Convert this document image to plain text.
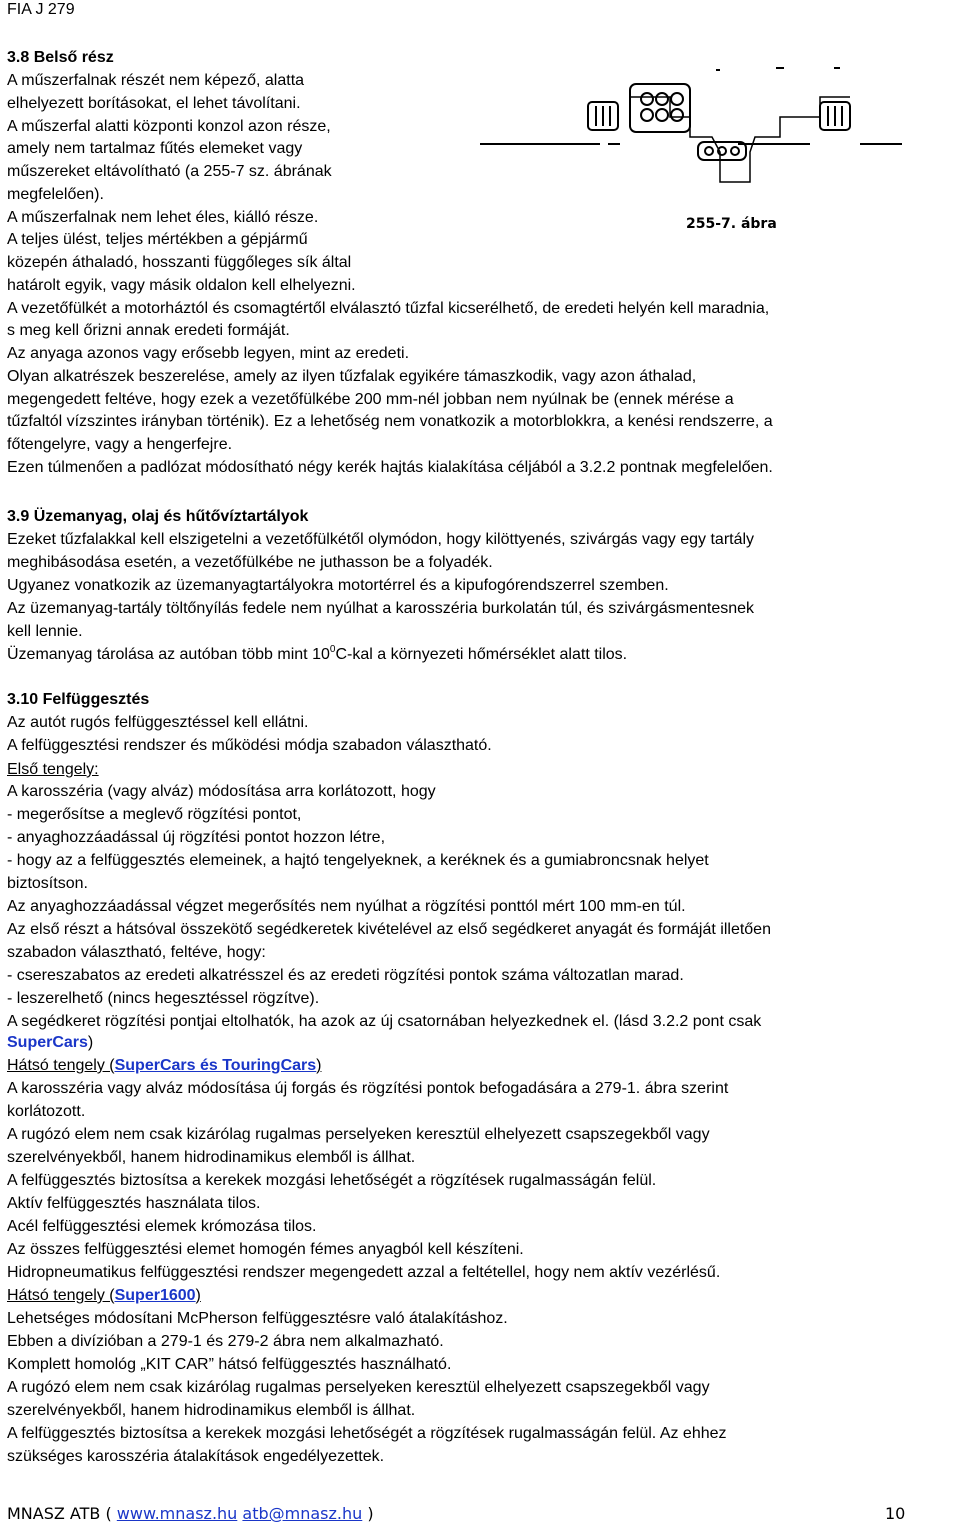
FIA J 279
3.8 Belső rész
A műszerfalnak részét nem képező, alatta
elhelyezett borításokat, el lehet távolítani.
A műszerfal alatti központi konzol azon része,
amely nem tartalmaz fűtés elemeket vagy
műszereket eltávolítható (a 255-7 sz. ábrának
megfelelően).
A műszerfalnak nem lehet éles, kiálló része.
A teljes ülést, teljes mértékben a gépjármű
közepén áthaladó, hosszanti függőleges sík által
határolt egyik, vagy másik oldalon kell elhelyezni.
A vezetőfülkét a motorháztól és csomagtértől elválasztó tűzfal kicserélhető, de eredeti helyén kell maradnia,
s meg kell őrizni annak eredeti formáját.
Az anyaga azonos vagy erősebb legyen, mint az eredeti.
Olyan alkatrészek beszerelése, amely az ilyen tűzfalak egyikére támaszkodik, vagy azon áthalad,
megengedett feltéve, hogy ezek a vezetőfülkébe 200 mm-nél jobban nem nyúlnak be (ennek mérése a
tűzfaltól vízszintes irányban történik). Ez a lehetőség nem vonatkozik a motorblokkra, a kenési rendszerre, a
főtengelyre, vagy a hengerfejre.
Ezen túlmenően a padlózat módosítható négy kerék hajtás kialakítása céljából a 3.2.2 pontnak megfelelően.
255-7. ábra
3.9 Üzemanyag, olaj és hűtővíztartályok
Ezeket tűzfalakkal kell elszigetelni a vezetőfülkétől olymódon, hogy kilöttyenés, szivárgás vagy egy tartály
meghibásodása esetén, a vezetőfülkébe ne juthasson be a folyadék.
Ugyanez vonatkozik az üzemanyagtartályokra motortérrel és a kipufogórendszerrel szemben.
Az üzemanyag-tartály töltőnyílás fedele nem nyúlhat a karosszéria burkolatán túl, és szivárgásmentesnek
kell lennie.
Üzemanyag tárolása az autóban több mint $10^0C$-kal a környezeti hőmérséklet alatt tilos.
3.10 Felfüggesztés
Az autót rugós felfüggesztéssel kell ellátni.
A felfüggesztési rendszer és működési módja szabadon választható.
Első tengely:
A karosszéria (vagy alváz) módosítása arra korlátozott, hogy
- megerősítse a meglevő rögzítési pontot,
- anyaghozzáadással új rögzítési pontot hozzon létre,
- hogy az a felfüggesztés elemeinek, a hajtó tengelyeknek, a keréknek és a gumiabroncsnak helyet
biztosítson.
Az anyaghozzáadással végzet megerősítés nem nyúlhat a rögzítési ponttól mért 100 mm-en túl.
Az első részt a hátsóval összekötő segédkeretek kivételével az első segédkeret anyagát és formáját illetően
szabadon választható, feltéve, hogy:
- csereszabatos az eredeti alkatrésszel és az eredeti rögzítési pontok száma változatlan marad.
- leszerelhető (nincs hegesztéssel rögzítve).
A segédkeret rögzítési pontjai eltolhatók, ha azok az új csatornában helyezkednek el. (lásd 3.2.2 pont csak
SuperCars)
Hátsó tengely (SuperCars és TouringCars)
A karosszéria vagy alváz módosítása új forgás és rögzítési pontok befogadására a 279-1. ábra szerint
korlátozott.
A rugózó elem nem csak kizárólag rugalmas perselyeken keresztül elhelyezett csapszegekből vagy
szerelvényekből, hanem hidrodinamikus elemből is állhat.
A felfüggesztés biztosítsa a kerekek mozgási lehetőségét a rögzítések rugalmasságán felül.
Aktív felfüggesztés használata tilos.
Acél felfüggesztési elemek krómozása tilos.
Az összes felfüggesztési elemet homogén fémes anyagból kell készíteni.
Hidropneumatikus felfüggesztési rendszer megengedett azzal a feltétellel, hogy nem aktív vezérlésű.
Hátsó tengely (Super1600)
Lehetséges módosítani McPherson felfüggesztésre való átalakításhoz.
Ebben a divízióban a 279-1 és 279-2 ábra nem alkalmazható.
Komplett homológ „KIT CAR” hátsó felfüggesztés használható.
A rugózó elem nem csak kizárólag rugalmas perselyeken keresztül elhelyezett csapszegekből vagy
szerelvényekből, hanem hidrodinamikus elemből is állhat.
A felfüggesztés biztosítsa a kerekek mozgási lehetőségét a rögzítések rugalmasságán felül. Az ehhez
szükséges karosszéria átalakítások engedélyezettek.
MNASZ ATB ( www.mnasz.hu atb@mnasz.hu )	10
